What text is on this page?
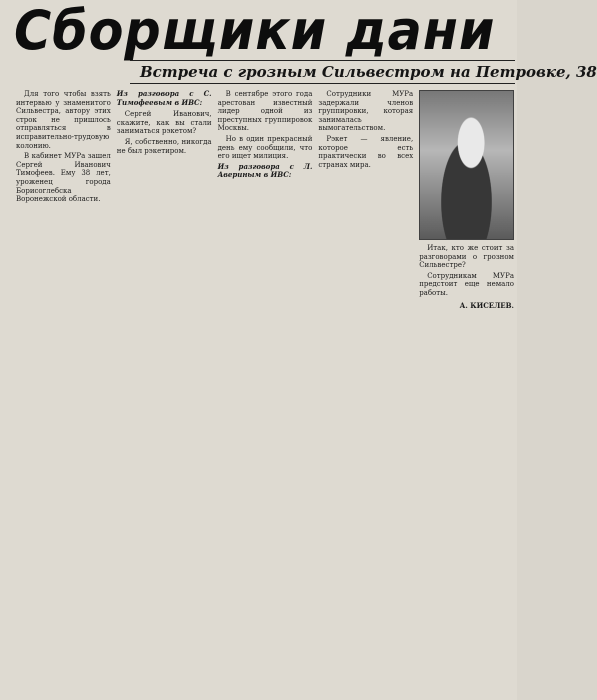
Сборщики дани
Встреча с грозным Сильвестром на Петровке, 38

Для того чтобы взять интервью у знаменитого Сильвестра, автору этих строк не пришлось отправляться в исправительно-трудовую колонию.

В кабинет МУРа зашел Сергей Иванович Тимофеев. Ему 38 лет, уроженец города Борисоглебска Воронежской области.

Из разговора с С. Тимофеевым в ИВС:

Сергей Иванович, скажите, как вы стали заниматься рэкетом?

Я, собственно, никогда не был рэкетиром.

В сентябре этого года арестован известный лидер одной из преступных группировок Москвы.

Но в один прекрасный день ему сообщили, что его ищет милиция.

Из разговора с Л. Авериным в ИВС:

Сотрудники МУРа задержали членов группировки, которая занималась вымогательством.

Рэкет — явление, которое есть практически во всех странах мира.

Итак, кто же стоит за разговорами о грозном Сильвестре?

Сотрудникам МУРа предстоит еще немало работы.

А. КИСЕЛЕВ.
